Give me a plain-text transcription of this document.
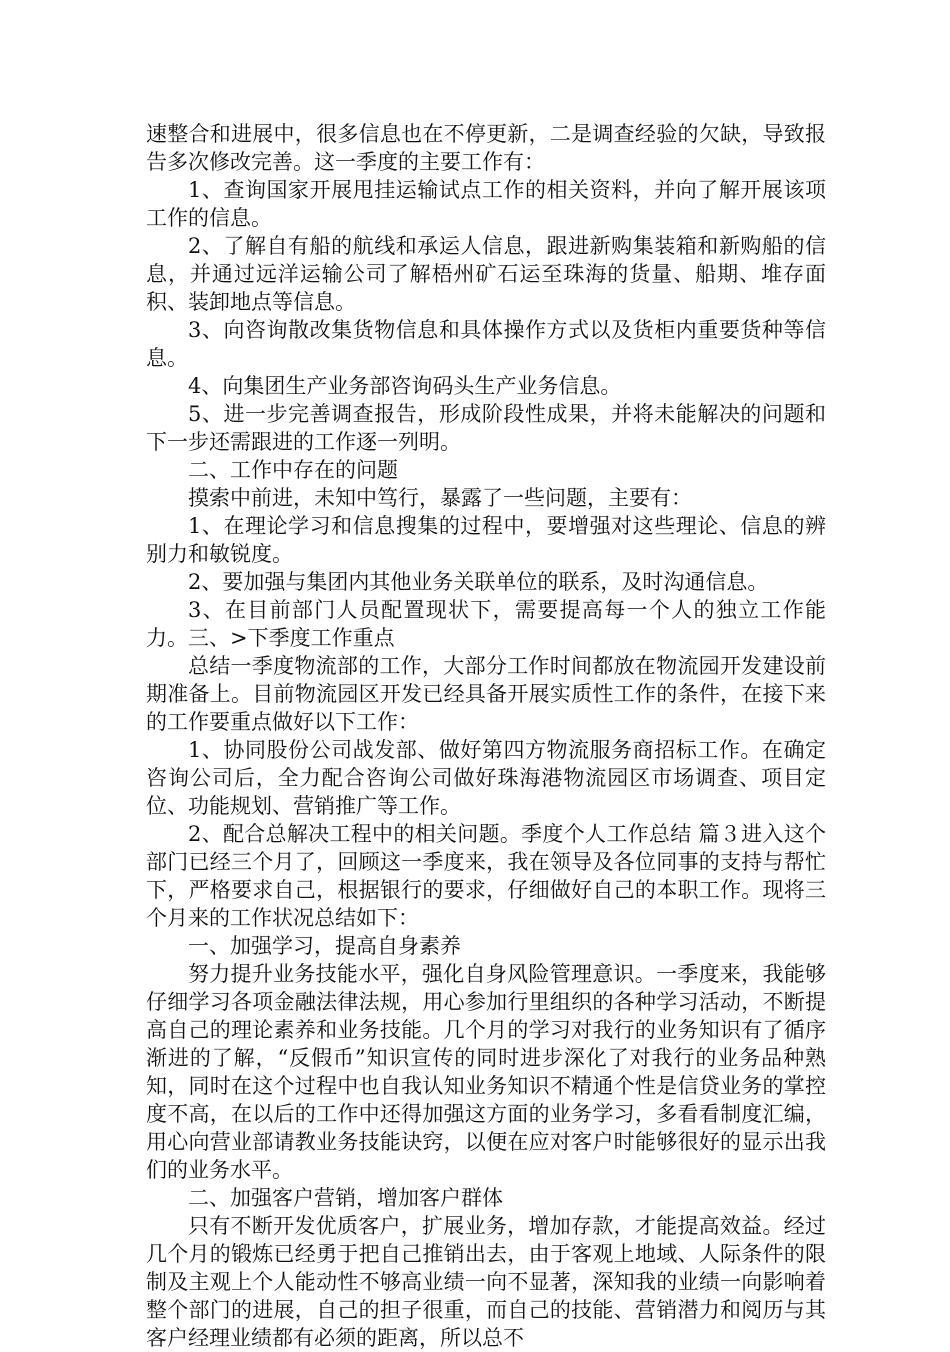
速整合和进展中，很多信息也在不停更新，二是调查经验的欠缺，导致报告多次修改完善。这一季度的主要工作有：

1、查询国家开展甩挂运输试点工作的相关资料，并向了解开展该项工作的信息。

2、了解自有船的航线和承运人信息，跟进新购集装箱和新购船的信息，并通过远洋运输公司了解梧州矿石运至珠海的货量、船期、堆存面积、装卸地点等信息。

3、向咨询散改集货物信息和具体操作方式以及货柜内重要货种等信息。

4、向集团生产业务部咨询码头生产业务信息。

5、进一步完善调查报告，形成阶段性成果，并将未能解决的问题和下一步还需跟进的工作逐一列明。

二、工作中存在的问题

摸索中前进，未知中笃行，暴露了一些问题，主要有：

1、在理论学习和信息搜集的过程中，要增强对这些理论、信息的辨别力和敏锐度。

2、要加强与集团内其他业务关联单位的联系，及时沟通信息。

3、在目前部门人员配置现状下，需要提高每一个人的独立工作能力。三、>下季度工作重点

总结一季度物流部的工作，大部分工作时间都放在物流园开发建设前期准备上。目前物流园区开发已经具备开展实质性工作的条件，在接下来的工作要重点做好以下工作：

1、协同股份公司战发部、做好第四方物流服务商招标工作。在确定咨询公司后，全力配合咨询公司做好珠海港物流园区市场调查、项目定位、功能规划、营销推广等工作。

2、配合总解决工程中的相关问题。季度个人工作总结 篇３进入这个部门已经三个月了，回顾这一季度来，我在领导及各位同事的支持与帮忙下，严格要求自己，根据银行的要求，仔细做好自己的本职工作。现将三个月来的工作状况总结如下：

一、加强学习，提高自身素养

努力提升业务技能水平，强化自身风险管理意识。一季度来，我能够仔细学习各项金融法律法规，用心参加行里组织的各种学习活动，不断提高自己的理论素养和业务技能。几个月的学习对我行的业务知识有了循序渐进的了解，“反假币”知识宣传的同时进步深化了对我行的业务品种熟知，同时在这个过程中也自我认知业务知识不精通个性是信贷业务的掌控度不高，在以后的工作中还得加强这方面的业务学习，多看看制度汇编，用心向营业部请教业务技能诀窍，以便在应对客户时能够很好的显示出我们的业务水平。

二、加强客户营销，增加客户群体

只有不断开发优质客户，扩展业务，增加存款，才能提高效益。经过几个月的锻炼已经勇于把自己推销出去，由于客观上地域、人际条件的限制及主观上个人能动性不够高业绩一向不显著，深知我的业绩一向影响着整个部门的进展，自己的担子很重，而自己的技能、营销潜力和阅历与其客户经理业绩都有必须的距离，所以总不
